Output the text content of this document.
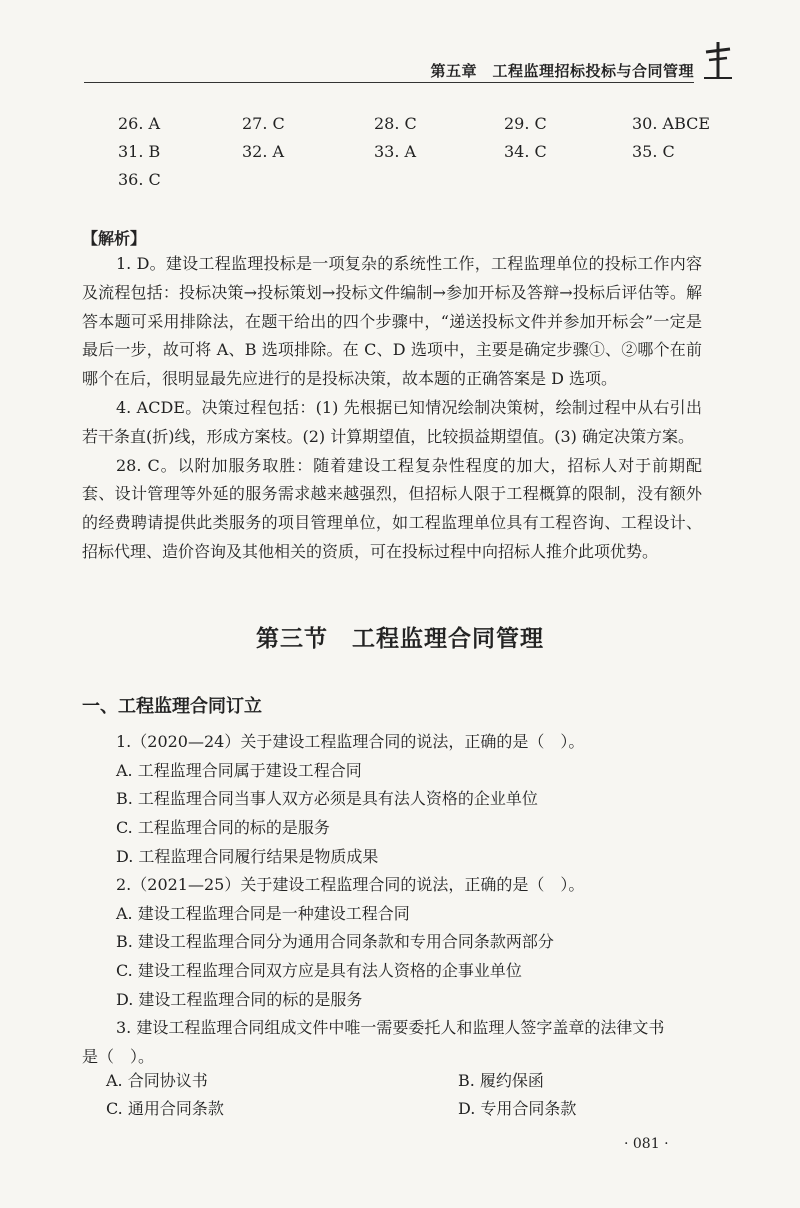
第五章　工程监理招标投标与合同管理
26. A	27. C	28. C	29. C	30. ABCE
31. B	32. A	33. A	34. C	35. C
36. C
【解析】

1. D。建设工程监理投标是一项复杂的系统性工作，工程监理单位的投标工作内容及流程包括：投标决策→投标策划→投标文件编制→参加开标及答辩→投标后评估等。解答本题可采用排除法，在题干给出的四个步骤中，“递送投标文件并参加开标会”一定是最后一步，故可将 A、B 选项排除。在 C、D 选项中，主要是确定步骤①、②哪个在前哪个在后，很明显最先应进行的是投标决策，故本题的正确答案是 D 选项。

4. ACDE。决策过程包括：(1) 先根据已知情况绘制决策树，绘制过程中从右引出若干条直(折)线，形成方案枝。(2) 计算期望值，比较损益期望值。(3) 确定决策方案。

28. C。以附加服务取胜：随着建设工程复杂性程度的加大，招标人对于前期配套、设计管理等外延的服务需求越来越强烈，但招标人限于工程概算的限制，没有额外的经费聘请提供此类服务的项目管理单位，如工程监理单位具有工程咨询、工程设计、招标代理、造价咨询及其他相关的资质，可在投标过程中向招标人推介此项优势。

第三节　工程监理合同管理
一、工程监理合同订立
1.（2020—24）关于建设工程监理合同的说法，正确的是（　）。
A. 工程监理合同属于建设工程合同
B. 工程监理合同当事人双方必须是具有法人资格的企业单位
C. 工程监理合同的标的是服务
D. 工程监理合同履行结果是物质成果
2.（2021—25）关于建设工程监理合同的说法，正确的是（　）。
A. 建设工程监理合同是一种建设工程合同
B. 建设工程监理合同分为通用合同条款和专用合同条款两部分
C. 建设工程监理合同双方应是具有法人资格的企事业单位
D. 建设工程监理合同的标的是服务
3. 建设工程监理合同组成文件中唯一需要委托人和监理人签字盖章的法律文书
是（　）。
A. 合同协议书	B. 履约保函
C. 通用合同条款	D. 专用合同条款
· 081 ·
